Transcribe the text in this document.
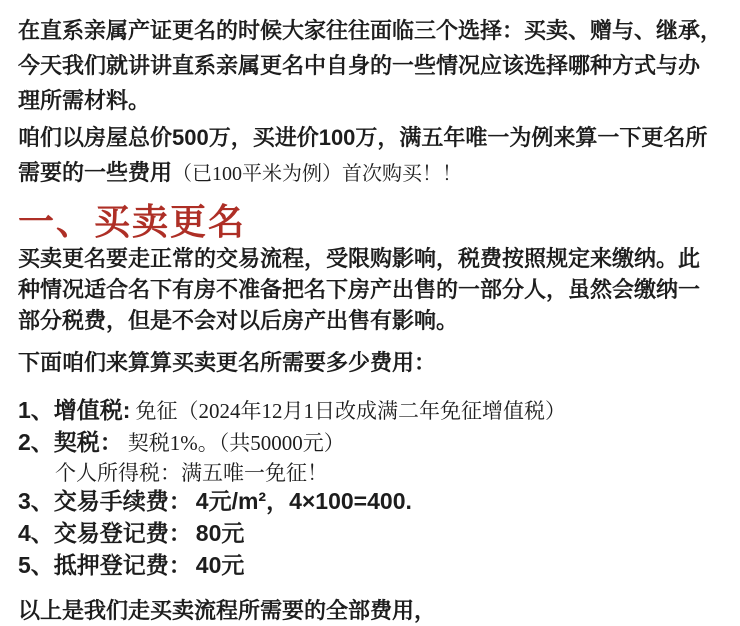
在直系亲属产证更名的时候大家往往面临三个选择：买卖、赠与、继承，
今天我们就讲讲直系亲属更名中自身的一些情况应该选择哪种方式与办
理所需材料。

咱们以房屋总价500万，买进价100万，满五年唯一为例来算一下更名所
需要的一些费用（已100平米为例）首次购买！！

一、买卖更名

买卖更名要走正常的交易流程，受限购影响，税费按照规定来缴纳。此
种情况适合名下有房不准备把名下房产出售的一部分人，虽然会缴纳一
部分税费，但是不会对以后房产出售有影响。

下面咱们来算算买卖更名所需要多少费用：

1、增值税: 免征（2024年12月1日改成满二年免征增值税）
2、契税： 契税1%。（共50000元）
个人所得税：满五唯一免征！
3、交易手续费： 4元/m²，4×100=400.
4、交易登记费： 80元
5、抵押登记费： 40元

以上是我们走买卖流程所需要的全部费用，
